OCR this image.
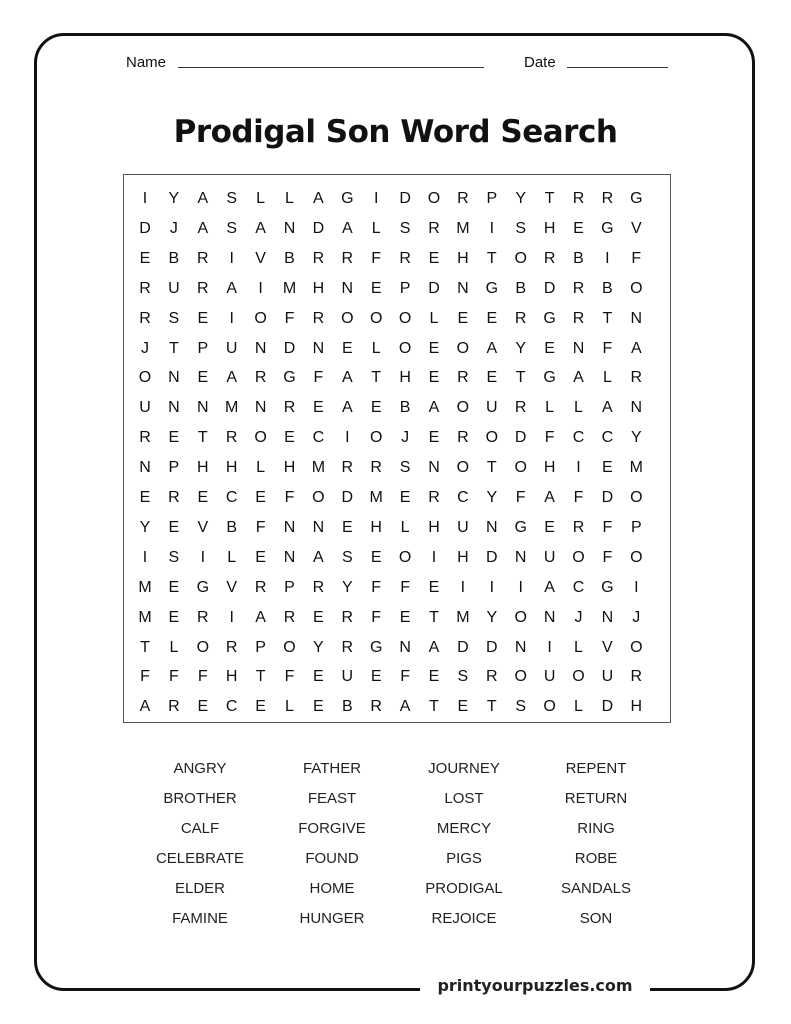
printyourpuzzles.com
Name	Date
Prodigal Son Word Search
I	Y	A	S	L	L	A	G	I	D	O	R	P	Y	T	R	R	G
D	J	A	S	A	N	D	A	L	S	R	M	I	S	H	E	G	V
E	B	R	I	V	B	R	R	F	R	E	H	T	O	R	B	I	F
R	U	R	A	I	M	H	N	E	P	D	N	G	B	D	R	B	O
R	S	E	I	O	F	R	O	O	O	L	E	E	R	G	R	T	N
J	T	P	U	N	D	N	E	L	O	E	O	A	Y	E	N	F	A
O	N	E	A	R	G	F	A	T	H	E	R	E	T	G	A	L	R
U	N	N	M	N	R	E	A	E	B	A	O	U	R	L	L	A	N
R	E	T	R	O	E	C	I	O	J	E	R	O	D	F	C	C	Y
N	P	H	H	L	H	M	R	R	S	N	O	T	O	H	I	E	M
E	R	E	C	E	F	O	D	M	E	R	C	Y	F	A	F	D	O
Y	E	V	B	F	N	N	E	H	L	H	U	N	G	E	R	F	P
I	S	I	L	E	N	A	S	E	O	I	H	D	N	U	O	F	O
M	E	G	V	R	P	R	Y	F	F	E	I	I	I	A	C	G	I
M	E	R	I	A	R	E	R	F	E	T	M	Y	O	N	J	N	J
T	L	O	R	P	O	Y	R	G	N	A	D	D	N	I	L	V	O
F	F	F	H	T	F	E	U	E	F	E	S	R	O	U	O	U	R
A	R	E	C	E	L	E	B	R	A	T	E	T	S	O	L	D	H
ANGRY	FATHER	JOURNEY	REPENT
BROTHER	FEAST	LOST	RETURN
CALF	FORGIVE	MERCY	RING
CELEBRATE	FOUND	PIGS	ROBE
ELDER	HOME	PRODIGAL	SANDALS
FAMINE	HUNGER	REJOICE	SON
